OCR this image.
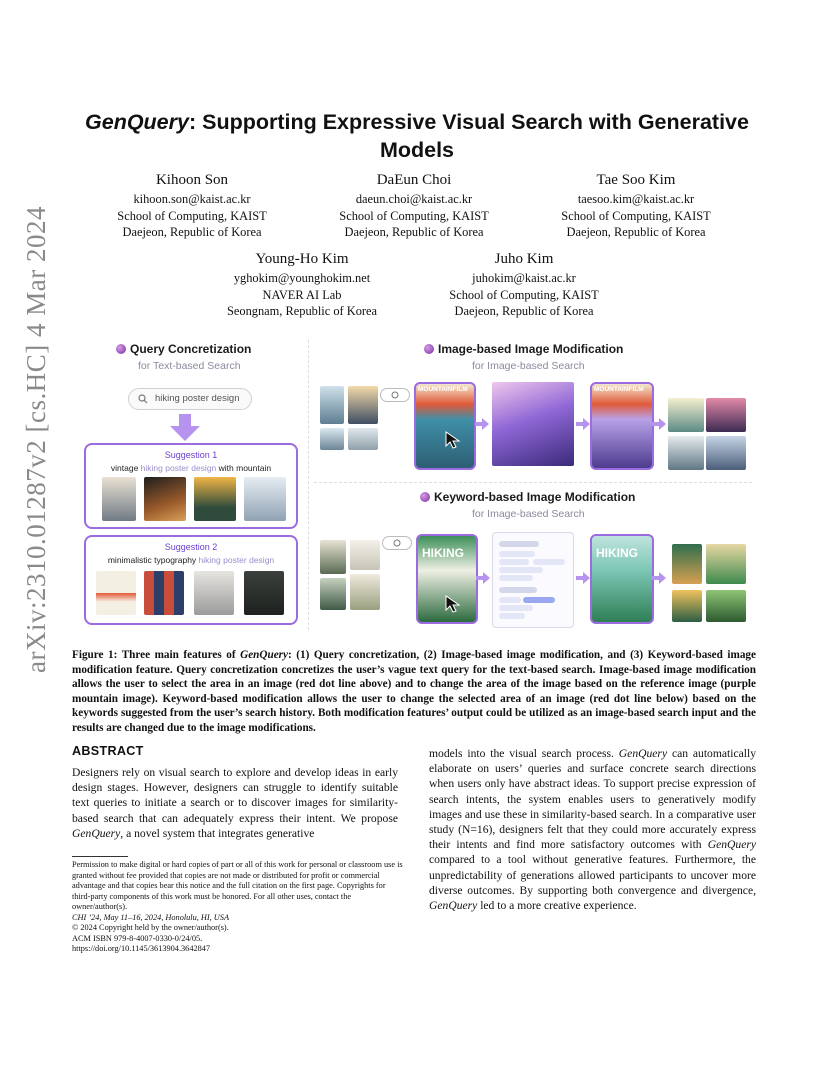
arXiv:2310.01287v2 [cs.HC] 4 Mar 2024
GenQuery: Supporting Expressive Visual Search with Generative Models
Kihoon Son
kihoon.son@kaist.ac.kr
School of Computing, KAIST
Daejeon, Republic of Korea
DaEun Choi
daeun.choi@kaist.ac.kr
School of Computing, KAIST
Daejeon, Republic of Korea
Tae Soo Kim
taesoo.kim@kaist.ac.kr
School of Computing, KAIST
Daejeon, Republic of Korea
Young-Ho Kim
yghokim@younghokim.net
NAVER AI Lab
Seongnam, Republic of Korea
Juho Kim
juhokim@kaist.ac.kr
School of Computing, KAIST
Daejeon, Republic of Korea
Query Concretization
for Text-based Search
hiking poster design
Suggestion 1
vintage hiking poster design with mountain
Suggestion 2
minimalistic typography hiking poster design
Image-based Image Modification
for Image-based Search
MOUNTAINFILM	MOUNTAINFILM
Keyword-based Image Modification
for Image-based Search
HIKING	HIKING
Figure 1: Three main features of GenQuery: (1) Query concretization, (2) Image-based image modification, and (3) Keyword-based image modification feature. Query concretization concretizes the user’s vague text query for the text-based search. Image-based image modification allows the user to select the area in an image (red dot line above) and to change the area of the image based on the reference image (purple mountain image). Keyword-based modification allows the user to change the selected area of an image (red dot line below) based on the keywords suggested from the user’s search history. Both modification features’ output could be utilized as an image-based search input and the results are changed due to the image modifications.
ABSTRACT

Designers rely on visual search to explore and develop ideas in early design stages. However, designers can struggle to identify suitable text queries to initiate a search or to discover images for similarity-based search that can adequately express their intent. We propose GenQuery, a novel system that integrates generative

models into the visual search process. GenQuery can automatically elaborate on users’ queries and surface concrete search directions when users only have abstract ideas. To support precise expression of search intents, the system enables users to generatively modify images and use these in similarity-based search. In a comparative user study (N=16), designers felt that they could more accurately express their intents and find more satisfactory outcomes with GenQuery compared to a tool without generative features. Furthermore, the unpredictability of generations allowed participants to uncover more diverse outcomes. By supporting both convergence and divergence, GenQuery led to a more creative experience.

Permission to make digital or hard copies of part or all of this work for personal or classroom use is granted without fee provided that copies are not made or distributed for profit or commercial advantage and that copies bear this notice and the full citation on the first page. Copyrights for third-party components of this work must be honored. For all other uses, contact the owner/author(s).
CHI ’24, May 11–16, 2024, Honolulu, HI, USA
© 2024 Copyright held by the owner/author(s).
ACM ISBN 979-8-4007-0330-0/24/05.
https://doi.org/10.1145/3613904.3642847
